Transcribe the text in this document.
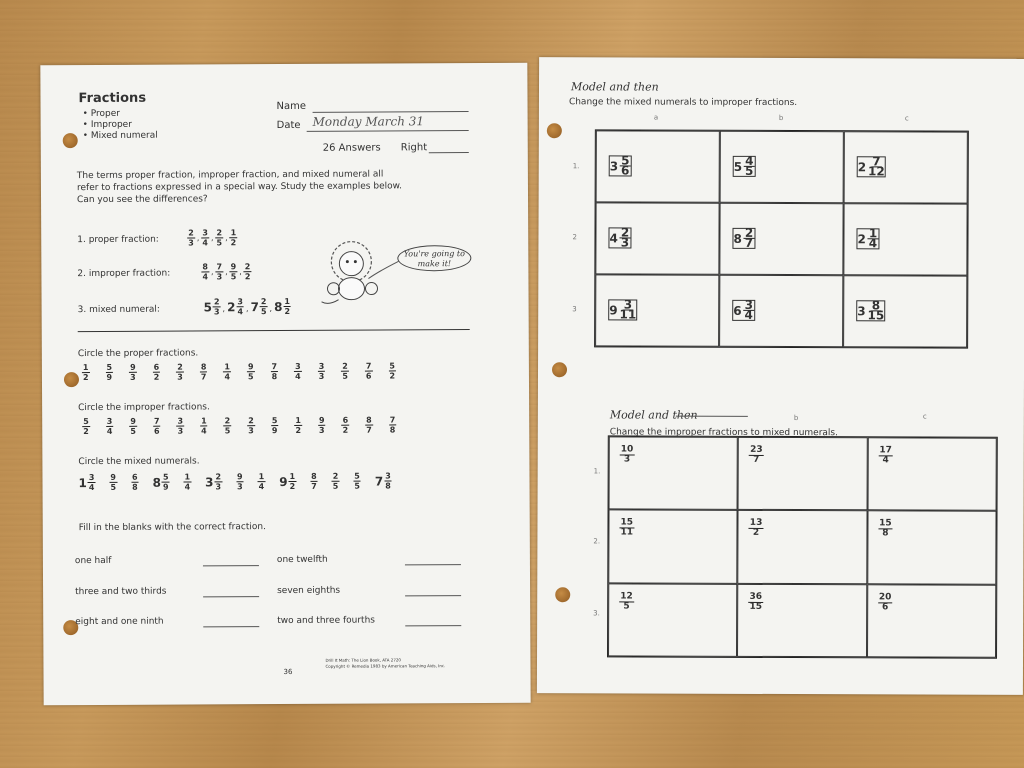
Fractions
• Proper
• Improper
• Mixed numeral
Name
Date Monday March 31
26 Answers Right
The terms proper fraction, improper fraction, and mixed numeral all
refer to fractions expressed in a special way. Study the examples below.
Can you see the differences?
1. proper fraction:	$\frac{2}{3}$ , $\frac{3}{4}$ , $\frac{2}{5}$ , $\frac{1}{2}$
2. improper fraction:	$\frac{8}{4}$ , $\frac{7}{3}$ , $\frac{9}{5}$ , $\frac{2}{2}$
3. mixed numeral:	$5 \frac{2}{3}$ , $2 \frac{3}{4}$ , $7 \frac{2}{5}$ , $8 \frac{1}{2}$
You're going to make it!
Circle the proper fractions.
$\frac{1}{2} \frac{5}{9} \frac{9}{3} \frac{6}{2} \frac{2}{3} \frac{8}{7} \frac{1}{4} \frac{9}{5} \frac{7}{8} \frac{3}{4} \frac{3}{3} \frac{2}{5} \frac{7}{6} \frac{5}{2}$
Circle the improper fractions.
$\frac{5}{2} \frac{3}{4} \frac{9}{5} \frac{7}{6} \frac{3}{3} \frac{1}{4} \frac{2}{5} \frac{2}{3} \frac{5}{9} \frac{1}{2} \frac{9}{3} \frac{6}{2} \frac{8}{7} \frac{7}{8}$
Circle the mixed numerals.
$1 \frac{3}{4} \frac{9}{5} \frac{6}{8} 8 \frac{5}{9} \frac{1}{4} 3 \frac{2}{3} \frac{9}{3} \frac{1}{4} 9 \frac{1}{2} \frac{8}{7} \frac{2}{5} \frac{5}{5} 7 \frac{3}{8}$
Fill in the blanks with the correct fraction.
one half	one twelfth
three and two thirds	seven eighths
eight and one ninth	two and three fourths
36
Drill It Math: The Lion Book, ATA 2720
Copyright © Remedia 1983 by American Teaching Aids, Inc.
Model and then
Change the mixed numerals to improper fractions.
a	b	c
1.
2
3
$3 \frac{5}{6}$	$5 \frac{4}{5}$	$2 \frac{7}{12}$
$4 \frac{2}{3}$	$8 \frac{2}{7}$	$2 \frac{1}{4}$
$9 \frac{3}{11}$	$6 \frac{3}{4}$	$3 \frac{8}{15}$
Model and then	b	c
Change the improper fractions to mixed numerals.
1.
2.
3.
$\frac{10}{3}$	$\frac{23}{7}$	$\frac{17}{4}$
$\frac{15}{11}$	$\frac{13}{2}$	$\frac{15}{8}$
$\frac{12}{5}$	$\frac{36}{15}$	$\frac{20}{6}$
